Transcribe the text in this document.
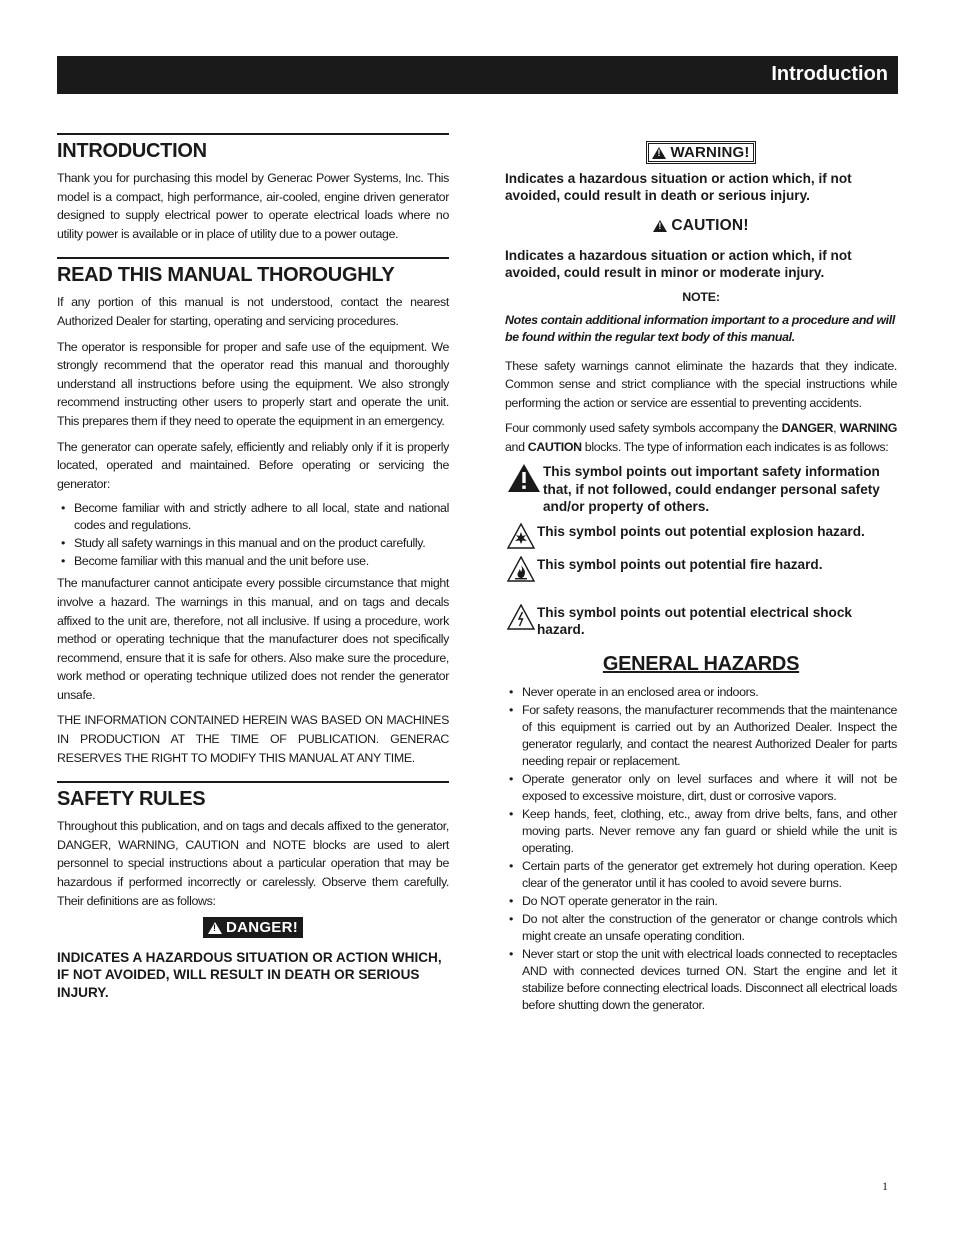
Introduction
INTRODUCTION

Thank you for purchasing this model by Generac Power Systems, Inc. This model is a compact, high performance, air-cooled, engine driven generator designed to supply electrical power to operate electrical loads where no utility power is available or in place of utility due to a power outage.

READ THIS MANUAL THOROUGHLY

If any portion of this manual is not understood, contact the nearest Authorized Dealer for starting, operating and servicing procedures.

The operator is responsible for proper and safe use of the equipment. We strongly recommend that the operator read this manual and thoroughly understand all instructions before using the equipment. We also strongly recommend instructing other users to properly start and operate the unit. This prepares them if they need to operate the equipment in an emergency.

The generator can operate safely, efficiently and reliably only if it is properly located, operated and maintained. Before operating or servicing the generator:

• Become familiar with and strictly adhere to all local, state and national codes and regulations.
• Study all safety warnings in this manual and on the product carefully.
• Become familiar with this manual and the unit before use.

The manufacturer cannot anticipate every possible circumstance that might involve a hazard. The warnings in this manual, and on tags and decals affixed to the unit are, therefore, not all inclusive. If using a procedure, work method or operating technique that the manufacturer does not specifically recommend, ensure that it is safe for others. Also make sure the procedure, work method or operating technique utilized does not render the generator unsafe.

THE INFORMATION CONTAINED HEREIN WAS BASED ON MACHINES IN PRODUCTION AT THE TIME OF PUBLICATION. GENERAC RESERVES THE RIGHT TO MODIFY THIS MANUAL AT ANY TIME.

SAFETY RULES

Throughout this publication, and on tags and decals affixed to the generator, DANGER, WARNING, CAUTION and NOTE blocks are used to alert personnel to special instructions about a particular operation that may be hazardous if performed incorrectly or carelessly. Observe them carefully. Their definitions are as follows:

!
DANGER!

INDICATES A HAZARDOUS SITUATION OR ACTION WHICH, IF NOT AVOIDED, WILL RESULT IN DEATH OR SERIOUS INJURY.

!
WARNING!

Indicates a hazardous situation or action which, if not avoided, could result in death or serious injury.

!
CAUTION!

Indicates a hazardous situation or action which, if not avoided, could result in minor or moderate injury.

NOTE:

Notes contain additional information important to a procedure and will be found within the regular text body of this manual.

These safety warnings cannot eliminate the hazards that they indicate. Common sense and strict compliance with the special instructions while performing the action or service are essential to preventing accidents.

Four commonly used safety symbols accompany the DANGER, WARNING and CAUTION blocks. The type of information each indicates is as follows:

This symbol points out important safety information that, if not followed, could endanger personal safety and/or property of others.
This symbol points out potential explosion hazard.
This symbol points out potential fire hazard.
This symbol points out potential electrical shock hazard.
GENERAL HAZARDS
• Never operate in an enclosed area or indoors.
• For safety reasons, the manufacturer recommends that the maintenance of this equipment is carried out by an Authorized Dealer. Inspect the generator regularly, and contact the nearest Authorized Dealer for parts needing repair or replacement.
• Operate generator only on level surfaces and where it will not be exposed to excessive moisture, dirt, dust or corrosive vapors.
• Keep hands, feet, clothing, etc., away from drive belts, fans, and other moving parts. Never remove any fan guard or shield while the unit is operating.
• Certain parts of the generator get extremely hot during operation. Keep clear of the generator until it has cooled to avoid severe burns.
• Do NOT operate generator in the rain.
• Do not alter the construction of the generator or change controls which might create an unsafe operating condition.
• Never start or stop the unit with electrical loads connected to receptacles AND with connected devices turned ON. Start the engine and let it stabilize before connecting electrical loads. Disconnect all electrical loads before shutting down the generator.
1
